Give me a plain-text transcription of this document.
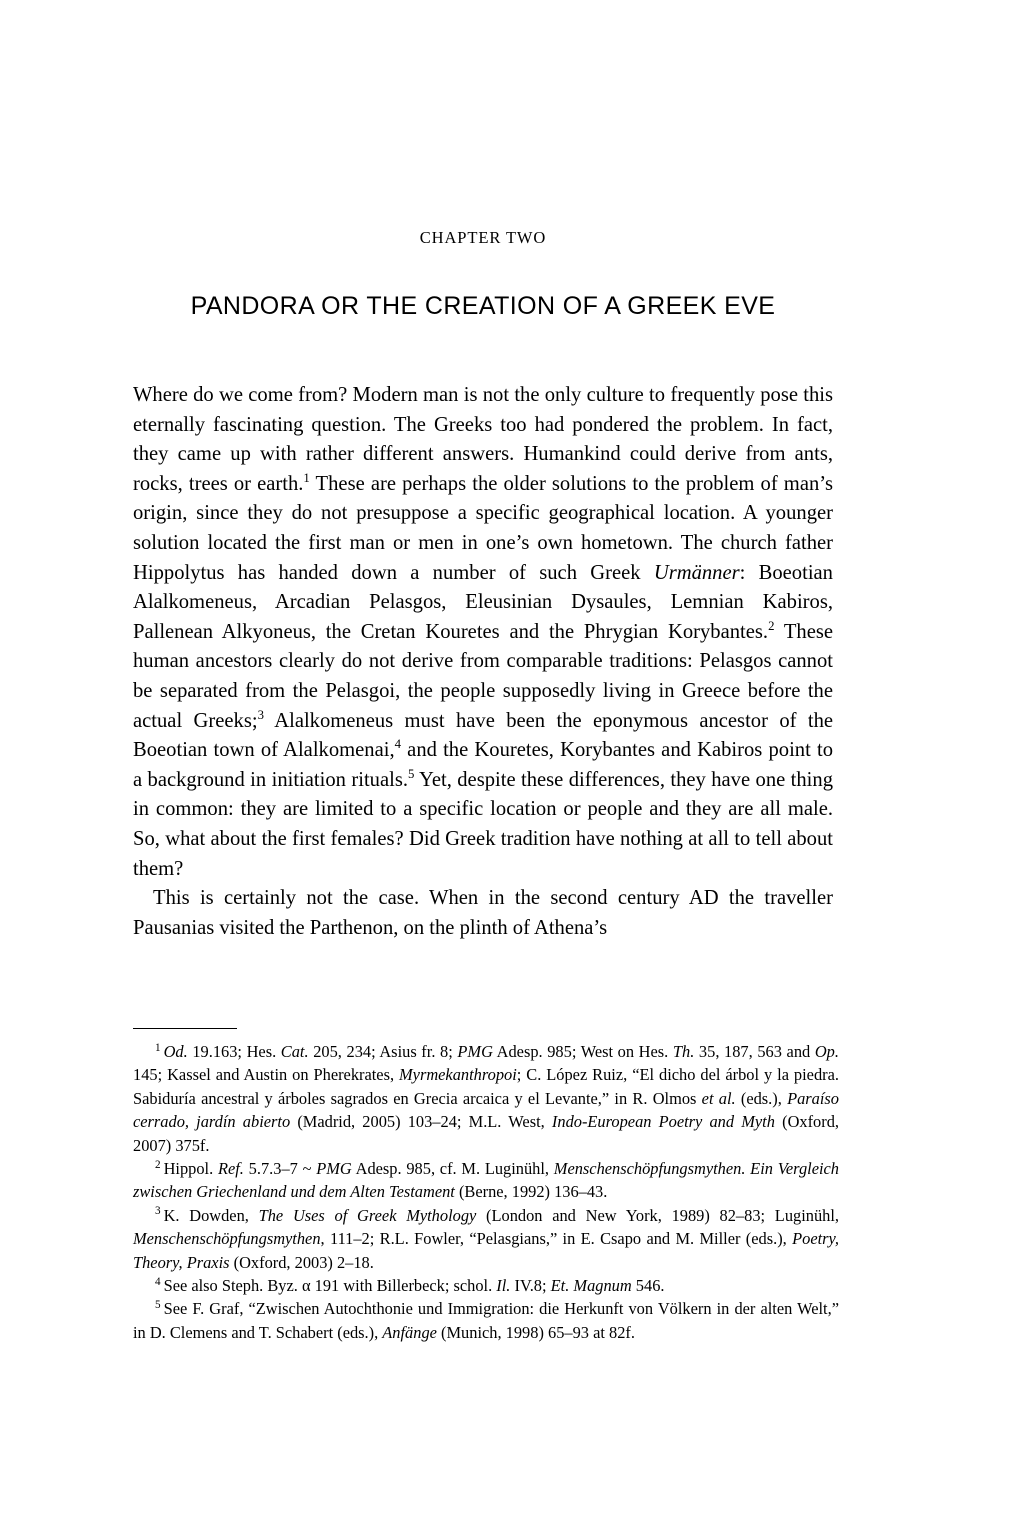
CHAPTER TWO
PANDORA OR THE CREATION OF A GREEK EVE

Where do we come from? Modern man is not the only culture to frequently pose this eternally fascinating question. The Greeks too had pondered the problem. In fact, they came up with rather different answers. Humankind could derive from ants, rocks, trees or earth.$^1$ These are perhaps the older solutions to the problem of man’s origin, since they do not presuppose a specific geographical location. A younger solution located the first man or men in one’s own hometown. The church father Hippolytus has handed down a number of such Greek Urmänner: Boeotian Alalkomeneus, Arcadian Pelasgos, Eleusinian Dysaules, Lemnian Kabiros, Pallenean Alkyoneus, the Cretan Kouretes and the Phrygian Korybantes.$^2$ These human ancestors clearly do not derive from comparable traditions: Pelasgos cannot be separated from the Pelasgoi, the people supposedly living in Greece before the actual Greeks;$^3$ Alalkomeneus must have been the eponymous ancestor of the Boeotian town of Alalkomenai,$^4$ and the Kouretes, Korybantes and Kabiros point to a background in initiation rituals.$^5$ Yet, despite these differences, they have one thing in common: they are limited to a specific location or people and they are all male. So, what about the first females? Did Greek tradition have nothing at all to tell about them?

This is certainly not the case. When in the second century AD the traveller Pausanias visited the Parthenon, on the plinth of Athena’s

$^1$ Od. 19.163; Hes. Cat. 205, 234; Asius fr. 8; PMG Adesp. 985; West on Hes. Th. 35, 187, 563 and Op. 145; Kassel and Austin on Pherekrates, Myrmekanthropoi; C. López Ruiz, “El dicho del árbol y la piedra. Sabiduría ancestral y árboles sagrados en Grecia arcaica y el Levante,” in R. Olmos et al. (eds.), Paraíso cerrado, jardín abierto (Madrid, 2005) 103–24; M.L. West, Indo-European Poetry and Myth (Oxford, 2007) 375f.

$^2$ Hippol. Ref. 5.7.3–7 ~ PMG Adesp. 985, cf. M. Luginühl, Menschenschöpfungsmythen. Ein Vergleich zwischen Griechenland und dem Alten Testament (Berne, 1992) 136–43.

$^3$ K. Dowden, The Uses of Greek Mythology (London and New York, 1989) 82–83; Luginühl, Menschenschöpfungsmythen, 111–2; R.L. Fowler, “Pelasgians,” in E. Csapo and M. Miller (eds.), Poetry, Theory, Praxis (Oxford, 2003) 2–18.

$^4$ See also Steph. Byz. α 191 with Billerbeck; schol. Il. IV.8; Et. Magnum 546.

$^5$ See F. Graf, “Zwischen Autochthonie und Immigration: die Herkunft von Völkern in der alten Welt,” in D. Clemens and T. Schabert (eds.), Anfänge (Munich, 1998) 65–93 at 82f.
